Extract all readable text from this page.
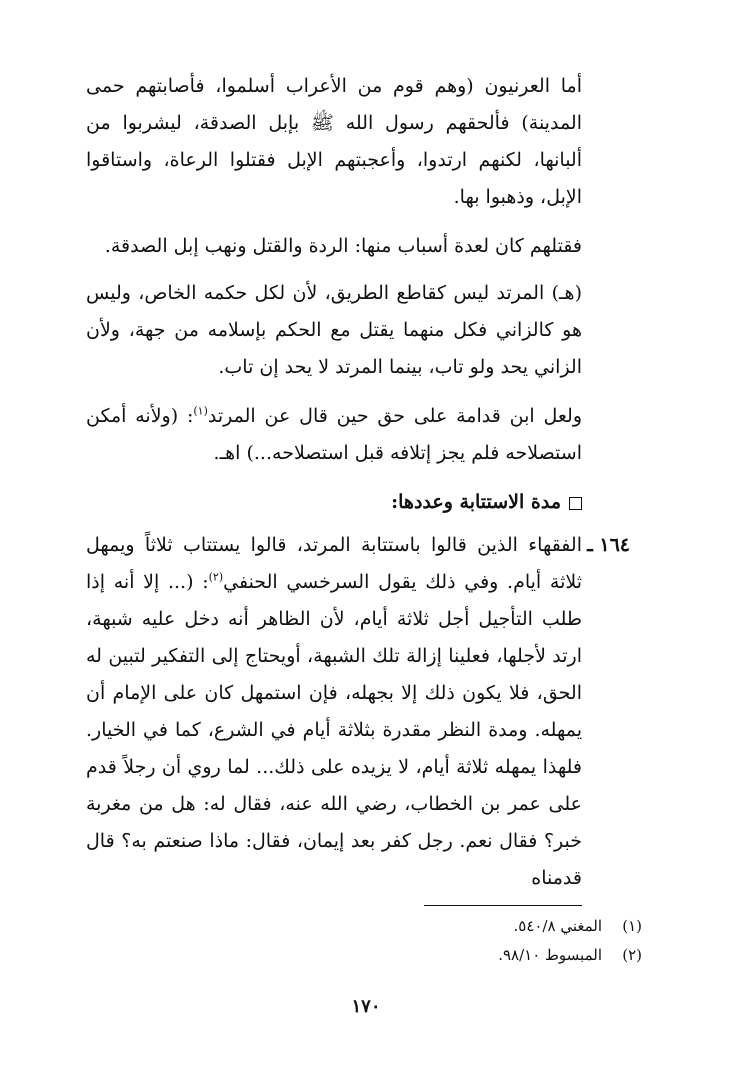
أما العرنيون (وهم قوم من الأعراب أسلموا، فأصابتهم حمى المدينة) فألحقهم رسول الله ﷺ بإبل الصدقة، ليشربوا من ألبانها، لكنهم ارتدوا، وأعجبتهم الإبل فقتلوا الرعاة، واستاقوا الإبل، وذهبوا بها.

فقتلهم كان لعدة أسباب منها: الردة والقتل ونهب إبل الصدقة.

(هـ) المرتد ليس كقاطع الطريق، لأن لكل حكمه الخاص، وليس هو كالزاني فكل منهما يقتل مع الحكم بإسلامه من جهة، ولأن الزاني يحد ولو تاب، بينما المرتد لا يحد إن تاب.

ولعل ابن قدامة على حق حين قال عن المرتد$^{(١)}$: (ولأنه أمكن استصلاحه فلم يجز إتلافه قبل استصلاحه...) اهـ.

مدة الاستتابة وعددها:

١٦٤ ـ
الفقهاء الذين قالوا باستتابة المرتد، قالوا يستتاب ثلاثاً ويمهل ثلاثة أيام. وفي ذلك يقول السرخسي الحنفي$^{(٢)}$: (... إلا أنه إذا طلب التأجيل أجل ثلاثة أيام، لأن الظاهر أنه دخل عليه شبهة، ارتد لأجلها، فعلينا إزالة تلك الشبهة، أويحتاج إلى التفكير لتبين له الحق، فلا يكون ذلك إلا بجهله، فإن استمهل كان على الإمام أن يمهله. ومدة النظر مقدرة بثلاثة أيام في الشرع، كما في الخيار. فلهذا يمهله ثلاثة أيام، لا يزيده على ذلك... لما روي أن رجلاً قدم على عمر بن الخطاب، رضي الله عنه، فقال له: هل من مغربة خبر؟ فقال نعم. رجل كفر بعد إيمان، فقال: ماذا صنعتم به؟ قال قدمناه

(١)المغني ٥٤٠/٨.
(٢)المبسوط ٩٨/١٠.
١٧٠
